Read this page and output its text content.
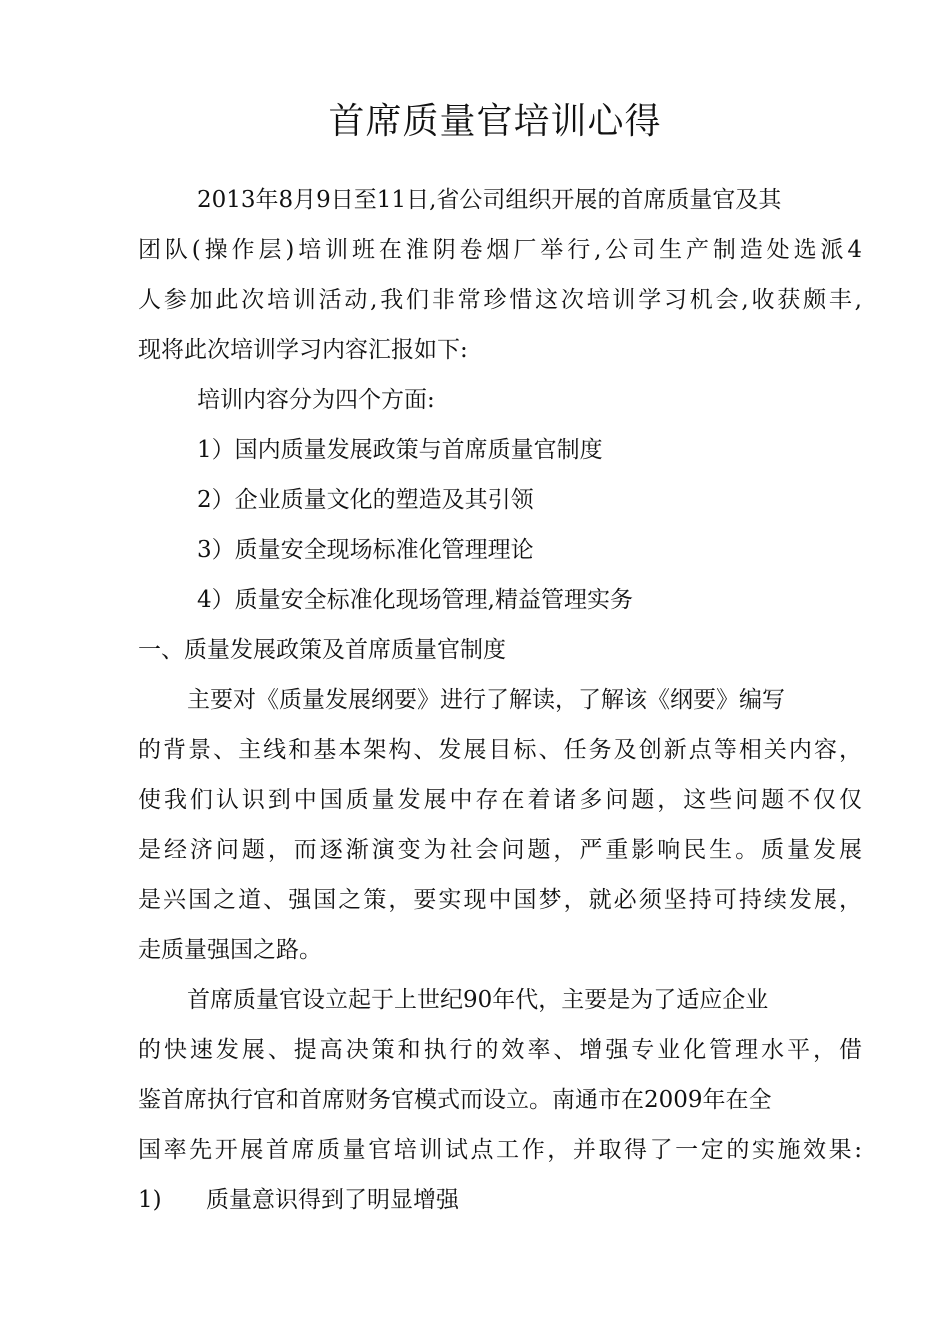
首席质量官培训心得
2013年8月9日至11日,省公司组织开展的首席质量官及其
团队(操作层)培训班在淮阴卷烟厂举行,公司生产制造处选派4
人参加此次培训活动,我们非常珍惜这次培训学习机会,收获颇丰,
现将此次培训学习内容汇报如下:
培训内容分为四个方面:
1）国内质量发展政策与首席质量官制度
2）企业质量文化的塑造及其引领
3）质量安全现场标准化管理理论
4）质量安全标准化现场管理,精益管理实务
一、质量发展政策及首席质量官制度
主要对《质量发展纲要》进行了解读，了解该《纲要》编写
的背景、主线和基本架构、发展目标、任务及创新点等相关内容，
使我们认识到中国质量发展中存在着诸多问题，这些问题不仅仅
是经济问题，而逐渐演变为社会问题，严重影响民生。质量发展
是兴国之道、强国之策，要实现中国梦，就必须坚持可持续发展，
走质量强国之路。
首席质量官设立起于上世纪90年代，主要是为了适应企业
的快速发展、提高决策和执行的效率、增强专业化管理水平，借
鉴首席执行官和首席财务官模式而设立。南通市在2009年在全
国率先开展首席质量官培训试点工作，并取得了一定的实施效果:
1) 质量意识得到了明显增强
